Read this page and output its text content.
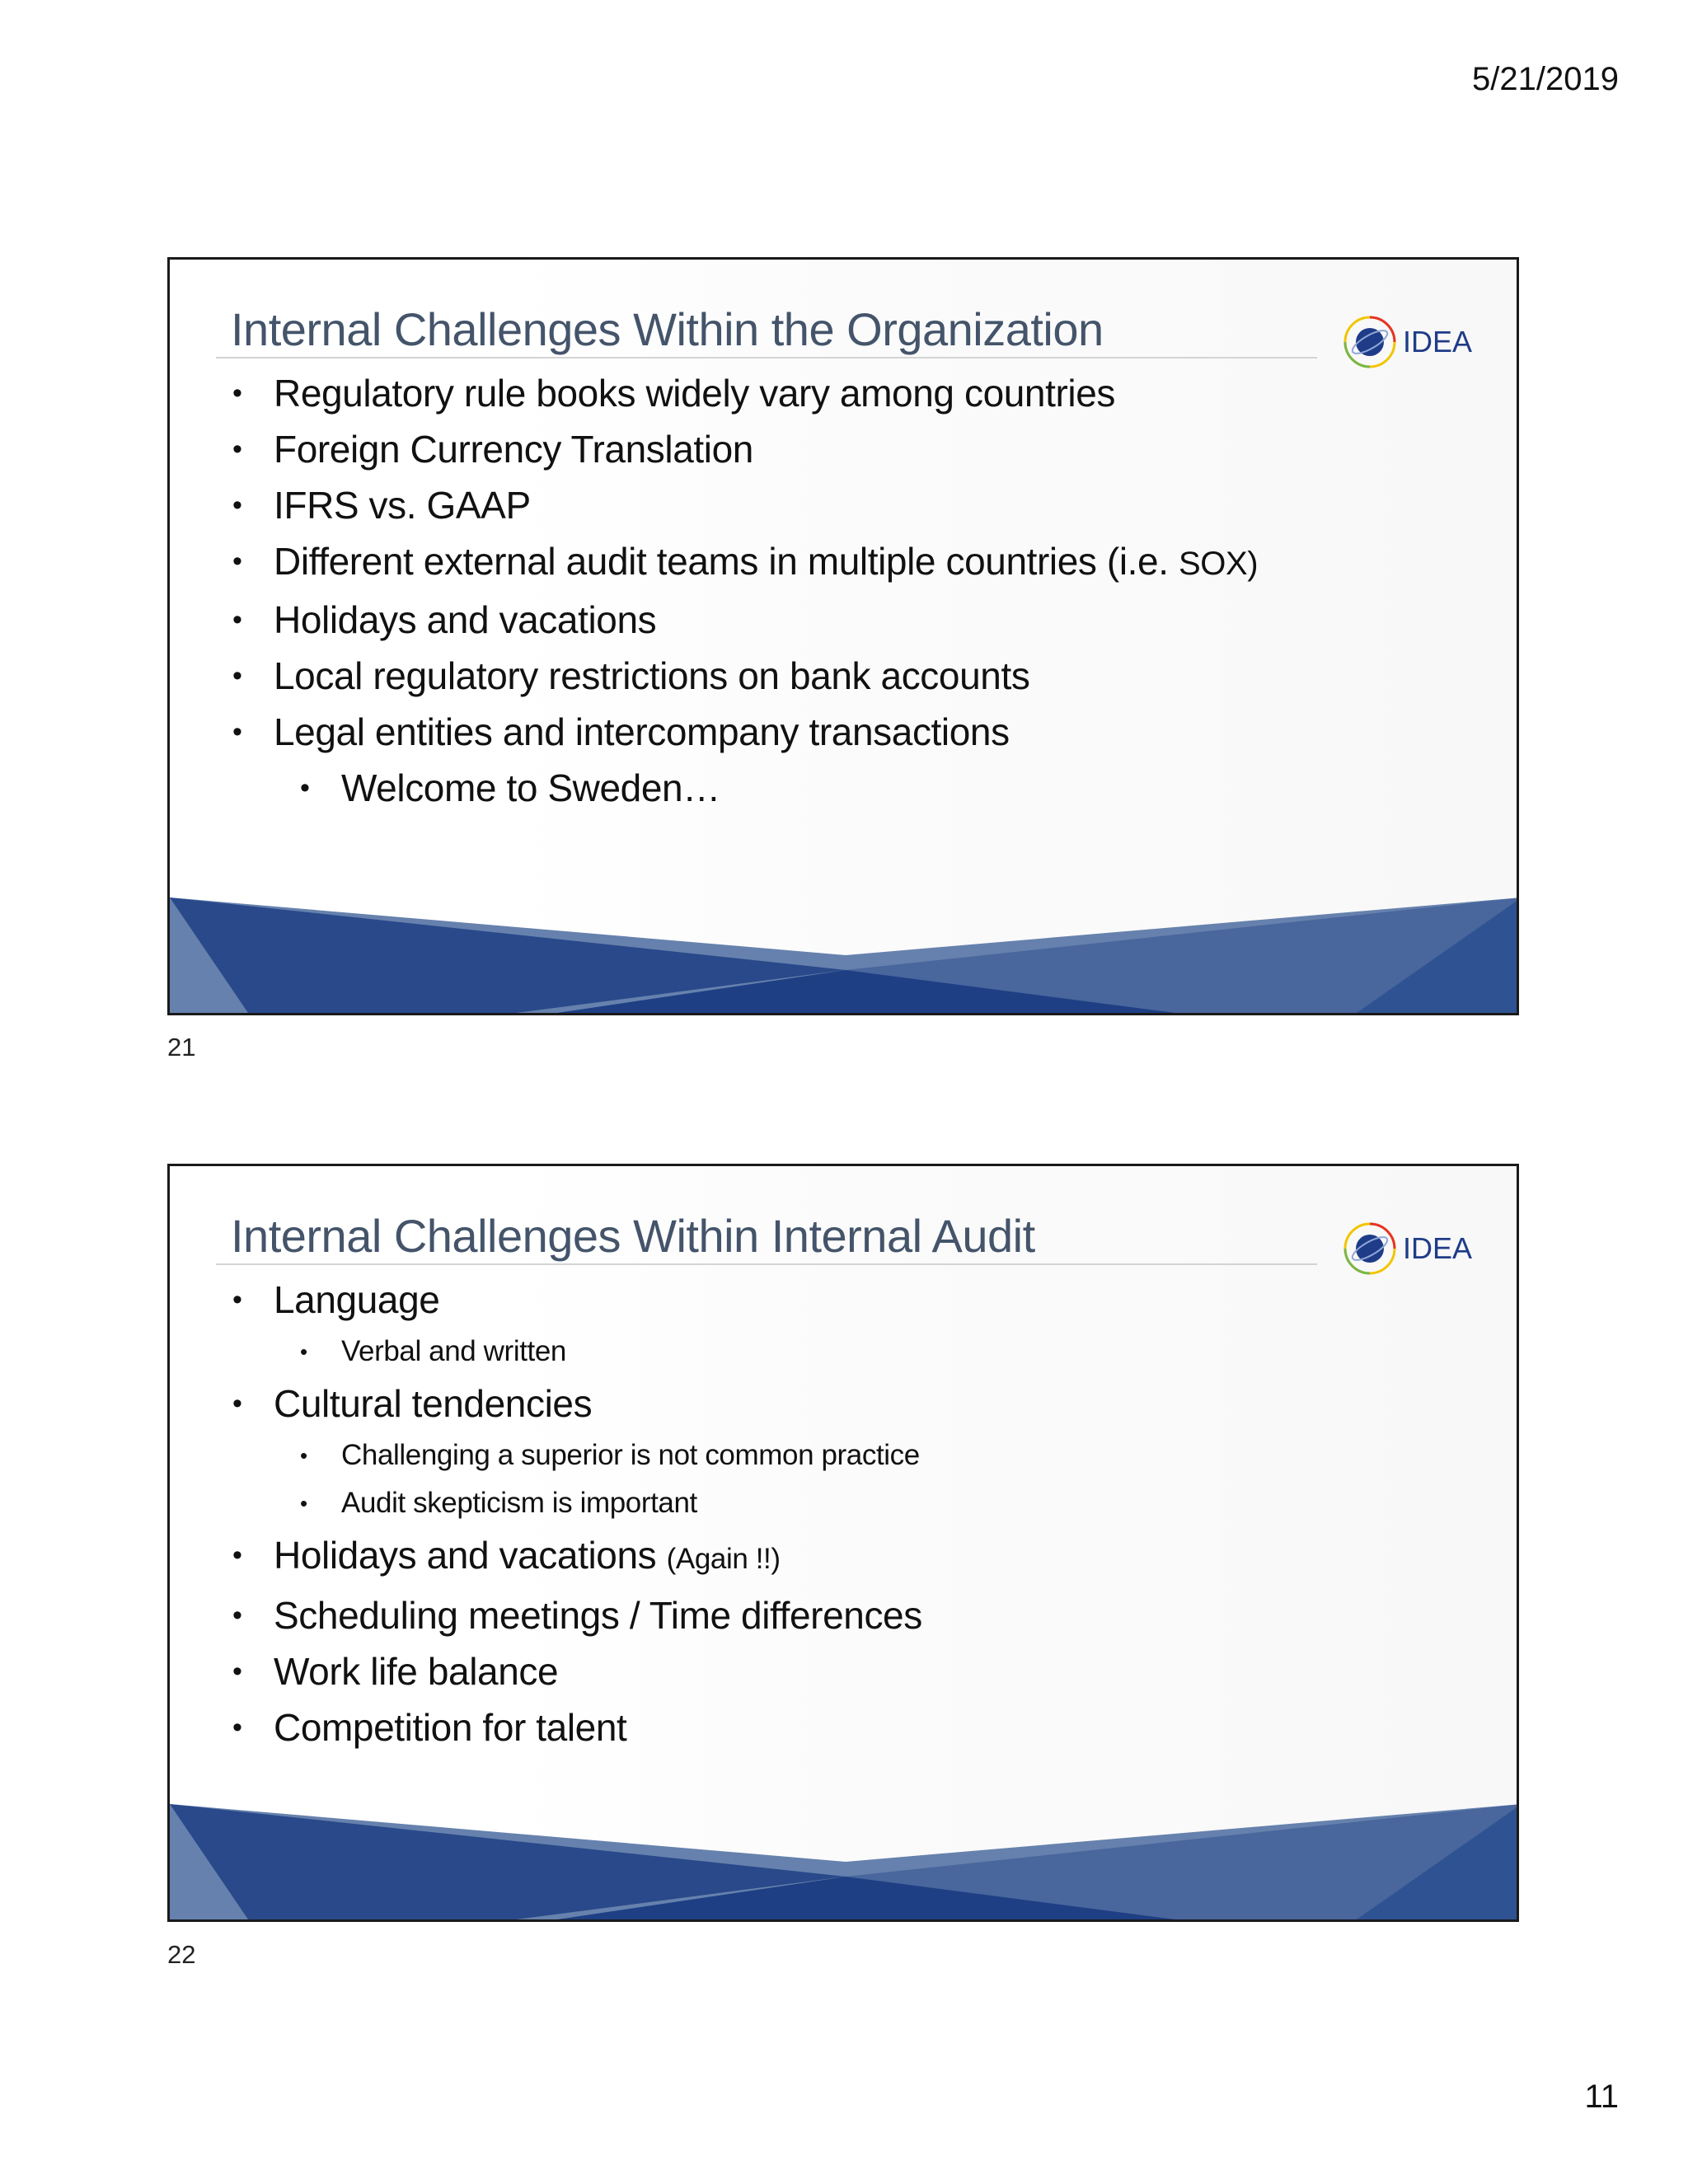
5/21/2019
Internal Challenges Within the Organization	IDEA
• Regulatory rule books widely vary among countries
• Foreign Currency Translation
• IFRS vs. GAAP
• Different external audit teams in multiple countries (i.e. SOX)
• Holidays and vacations
• Local regulatory restrictions on bank accounts
• Legal entities and intercompany transactions
• Welcome to Sweden…
21
Internal Challenges Within Internal Audit	IDEA
• Language
• Verbal and written
• Cultural tendencies
• Challenging a superior is not common practice
• Audit skepticism is important
• Holidays and vacations (Again !!)
• Scheduling meetings / Time differences
• Work life balance
• Competition for talent
22
11
